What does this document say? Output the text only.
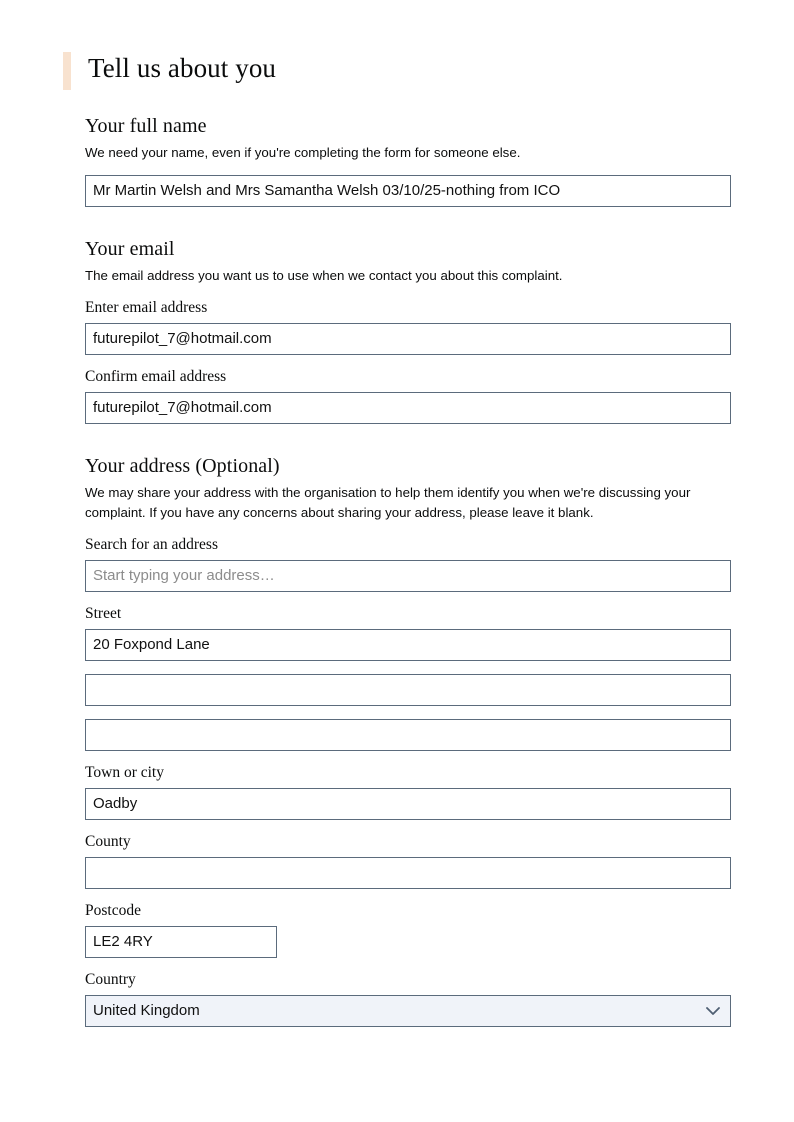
Tell us about you
Your full name

We need your name, even if you're completing the form for someone else.

Mr Martin Welsh and Mrs Samantha Welsh 03/10/25-nothing from ICO
Your email

The email address you want us to use when we contact you about this complaint.

Enter email address
futurepilot_7@hotmail.com
Confirm email address
futurepilot_7@hotmail.com
Your address (Optional)

We may share your address with the organisation to help them identify you when we're discussing your complaint. If you have any concerns about sharing your address, please leave it blank.

Search for an address
Start typing your address…
Street
20 Foxpond Lane
Town or city
Oadby
County
Postcode
LE2 4RY
Country
United Kingdom
